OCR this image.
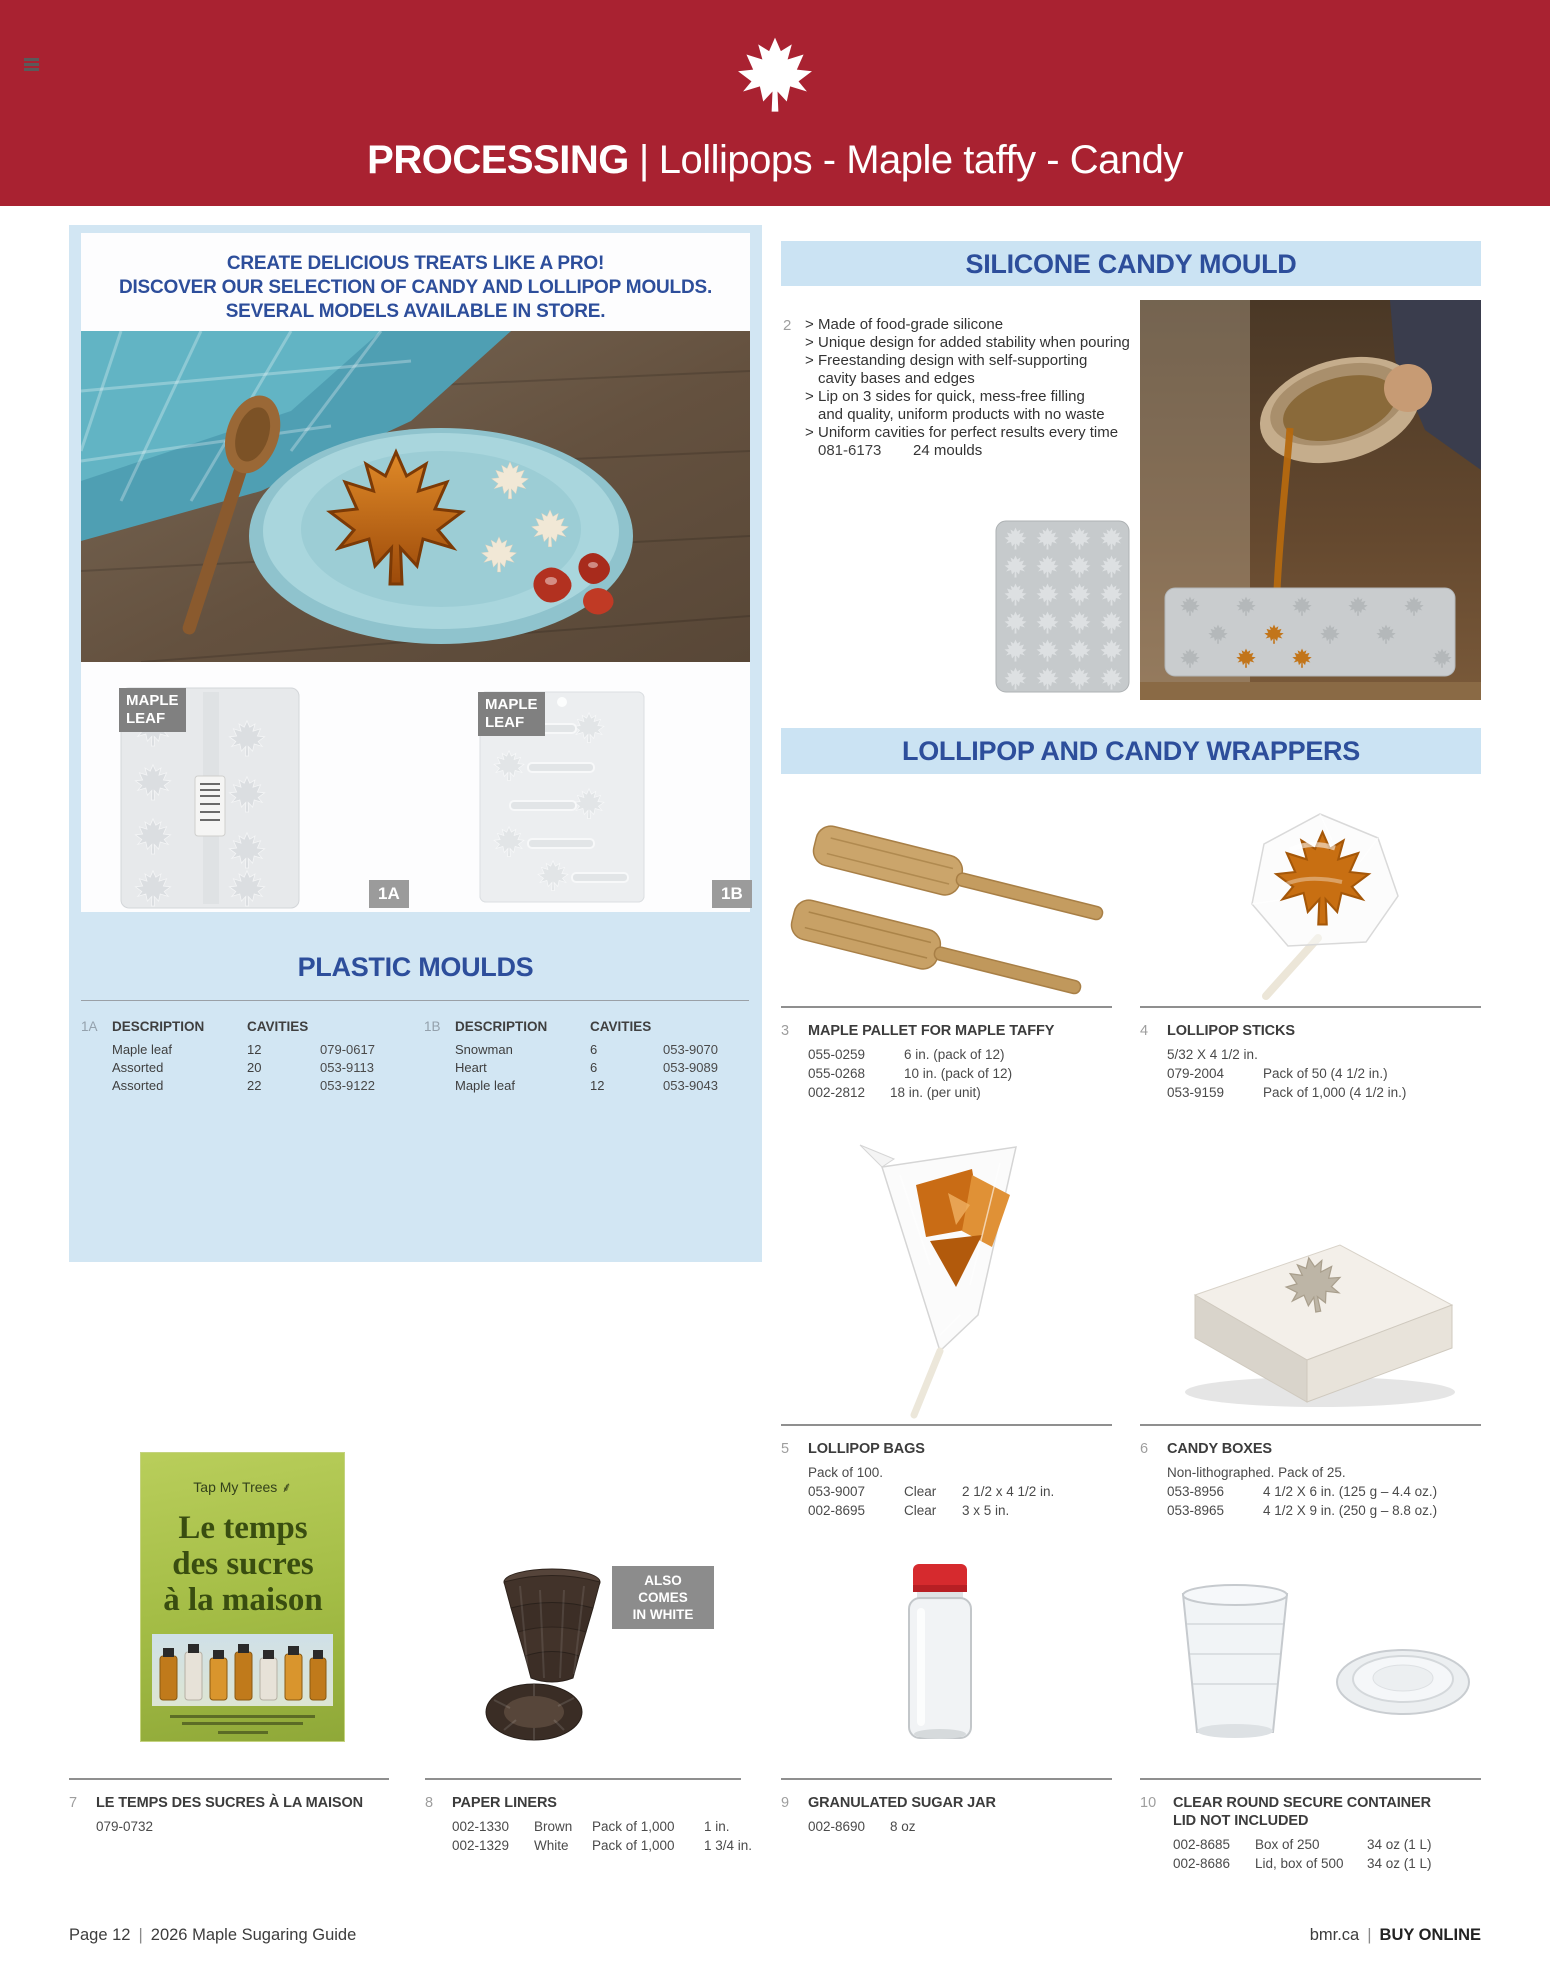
PROCESSING | Lollipops - Maple taffy - Candy
CREATE DELICIOUS TREATS LIKE A PRO!
DISCOVER OUR SELECTION OF CANDY AND LOLLIPOP MOULDS.
SEVERAL MODELS AVAILABLE IN STORE.
MAPLE
LEAF
1A
MAPLE
LEAF
1B
PLASTIC MOULDS
1A DESCRIPTION	CAVITIES
Maple leaf	12	079-0617
Assorted	20	053-9113
Assorted	22	053-9122
1B DESCRIPTION	CAVITIES
Snowman	6	053-9070
Heart	6	053-9089
Maple leaf	12	053-9043
SILICONE CANDY MOULD
2 > Made of food-grade silicone
> Unique design for added stability when pouring
> Freestanding design with self-supporting
cavity bases and edges
> Lip on 3 sides for quick, mess-free filling
and quality, uniform products with no waste
> Uniform cavities for perfect results every time
081-6173 24 moulds
LOLLIPOP AND CANDY WRAPPERS
3	MAPLE PALLET FOR MAPLE TAFFY
055-0259	6 in. (pack of 12)
055-0268	10 in. (pack of 12)
002-2812 18 in. (per unit)
4	LOLLIPOP STICKS
5/32 X 4 1/2 in.
079-2004	Pack of 50 (4 1/2 in.)
053-9159	Pack of 1,000 (4 1/2 in.)
5	LOLLIPOP BAGS
Pack of 100.
053-9007	Clear 2 1/2 x 4 1/2 in.
002-8695	Clear 3 x 5 in.
6	CANDY BOXES
Non-lithographed. Pack of 25.
053-8956	4 1/2 X 6 in. (125 g – 4.4 oz.)
053-8965	4 1/2 X 9 in. (250 g – 8.8 oz.)
Tap My Trees ⸙
Le temps
des sucres
à la maison
ALSO COMES
IN WHITE
7	LE TEMPS DES SUCRES À LA MAISON
079-0732
8	PAPER LINERS
002-1330 Brown Pack of 1,000 1 in.
002-1329 White Pack of 1,000 1 3/4 in.
9	GRANULATED SUGAR JAR
002-8690 8 oz
10	CLEAR ROUND SECURE CONTAINER
LID NOT INCLUDED
002-8685 Box of 250	34 oz (1 L)
002-8686 Lid, box of 500 34 oz (1 L)
Page 12 | 2026 Maple Sugaring Guide	bmr.ca | BUY ONLINE
